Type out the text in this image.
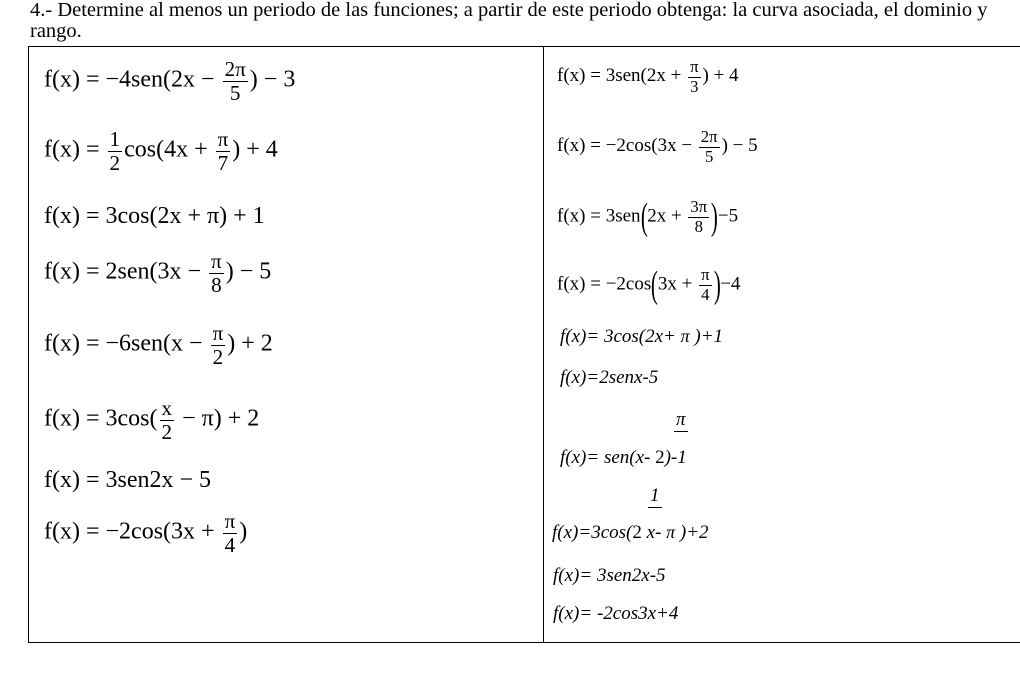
4.- Determine al menos un periodo de las funciones; a partir de este periodo obtenga: la curva asociada, el dominio y rango.
$f(x) = -4sen(2x - \frac{2\pi}{5}$ ) − 3
$f(x) = \frac{1}{2} \cos(4x + \frac{\pi}{7}$ ) + 4
f(x) = 3cos(2x + π) + 1
$f(x) = 2sen(3x - \frac{\pi}{8}$ ) − 5
$f(x) = -6sen(x - \frac{\pi}{2}$ ) + 2
$f(x) = 3\cos( \frac{x}{2} - \pi) + 2$
f(x) = 3sen2x − 5
$f(x) = -2\cos(3x + \frac{\pi}{4}$ )
$f(x) = 3sen(2x + \frac{\pi}{3}$ ) + 4
$f(x) = -2\cos(3x - \frac{2\pi}{5}$ ) − 5
$f(x) = 3sen(2x + \frac{3\pi}{8} )-5$
$f(x) = -2\cos(3x + \frac{\pi}{4} )-4$
f(x)= 3cos(2x+ π )+1
f(x)=2senx-5
π
f(x)= sen(x- 2)-1
1
f(x)=3cos(2 x- π )+2
f(x)= 3sen2x-5
f(x)= -2cos3x+4
